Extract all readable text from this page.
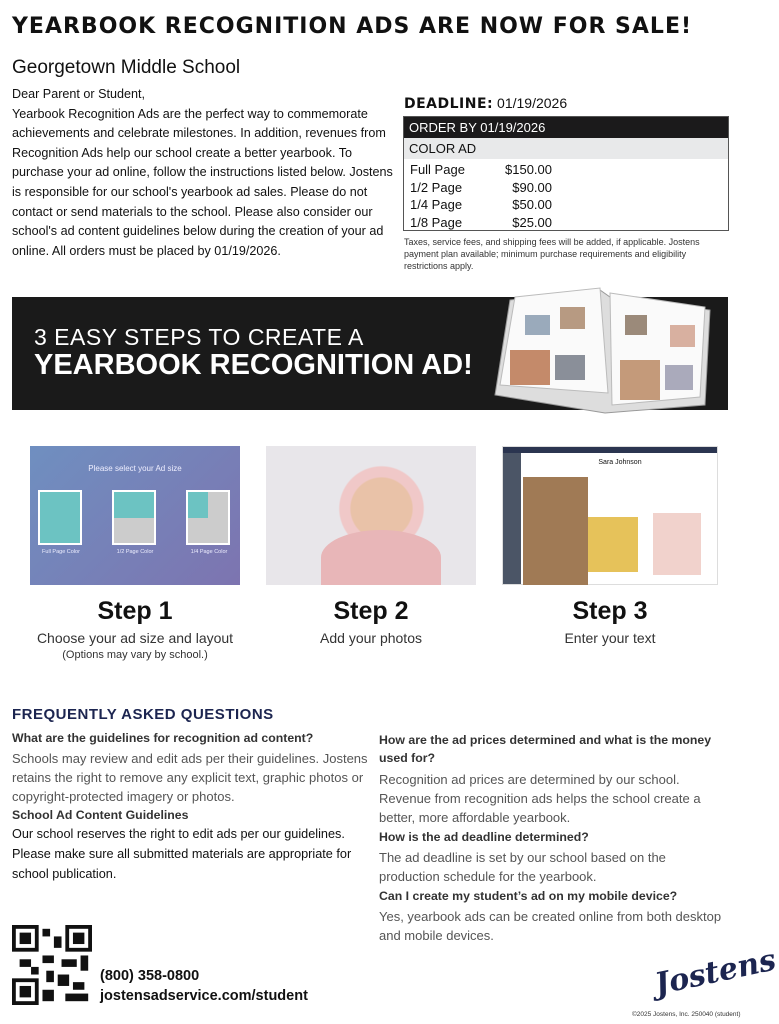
YEARBOOK RECOGNITION ADS ARE NOW FOR SALE!
Georgetown Middle School
Dear Parent or Student,
Yearbook Recognition Ads are the perfect way to commemorate achievements and celebrate milestones. In addition, revenues from Recognition Ads help our school create a better yearbook. To purchase your ad online, follow the instructions listed below. Jostens is responsible for our school's yearbook ad sales. Please do not contact or send materials to the school. Please also consider our school's ad content guidelines below during the creation of your ad online. All orders must be placed by 01/19/2026.
DEADLINE: 01/19/2026
ORDER BY 01/19/2026
COLOR AD
Full Page	$150.00
1/2 Page	$90.00
1/4 Page	$50.00
1/8 Page	$25.00
Taxes, service fees, and shipping fees will be added, if applicable. Jostens payment plan available; minimum purchase requirements and eligibility restrictions apply.
3 EASY STEPS TO CREATE A
YEARBOOK RECOGNITION AD!
Please select your Ad size
Full Page Color	1/2 Page Color	1/4 Page Color
Sara Johnson
Step 1
Choose your ad size and layout
(Options may vary by school.)
Step 2
Add your photos
Step 3
Enter your text
FREQUENTLY ASKED QUESTIONS
What are the guidelines for recognition ad content?
Schools may review and edit ads per their guidelines. Jostens retains the right to remove any explicit text, graphic photos or copyright-protected imagery or photos.
School Ad Content Guidelines
Our school reserves the right to edit ads per our guidelines. Please make sure all submitted materials are appropriate for school publication.
How are the ad prices determined and what is the money used for?
Recognition ad prices are determined by our school. Revenue from recognition ads helps the school create a better, more affordable yearbook.
How is the ad deadline determined?
The ad deadline is set by our school based on the production schedule for the yearbook.
Can I create my student’s ad on my mobile device?
Yes, yearbook ads can be created online from both desktop and mobile devices.
(800) 358-0800
jostensadservice.com/student	Jostens
©2025 Jostens, Inc. 250040 (student)
